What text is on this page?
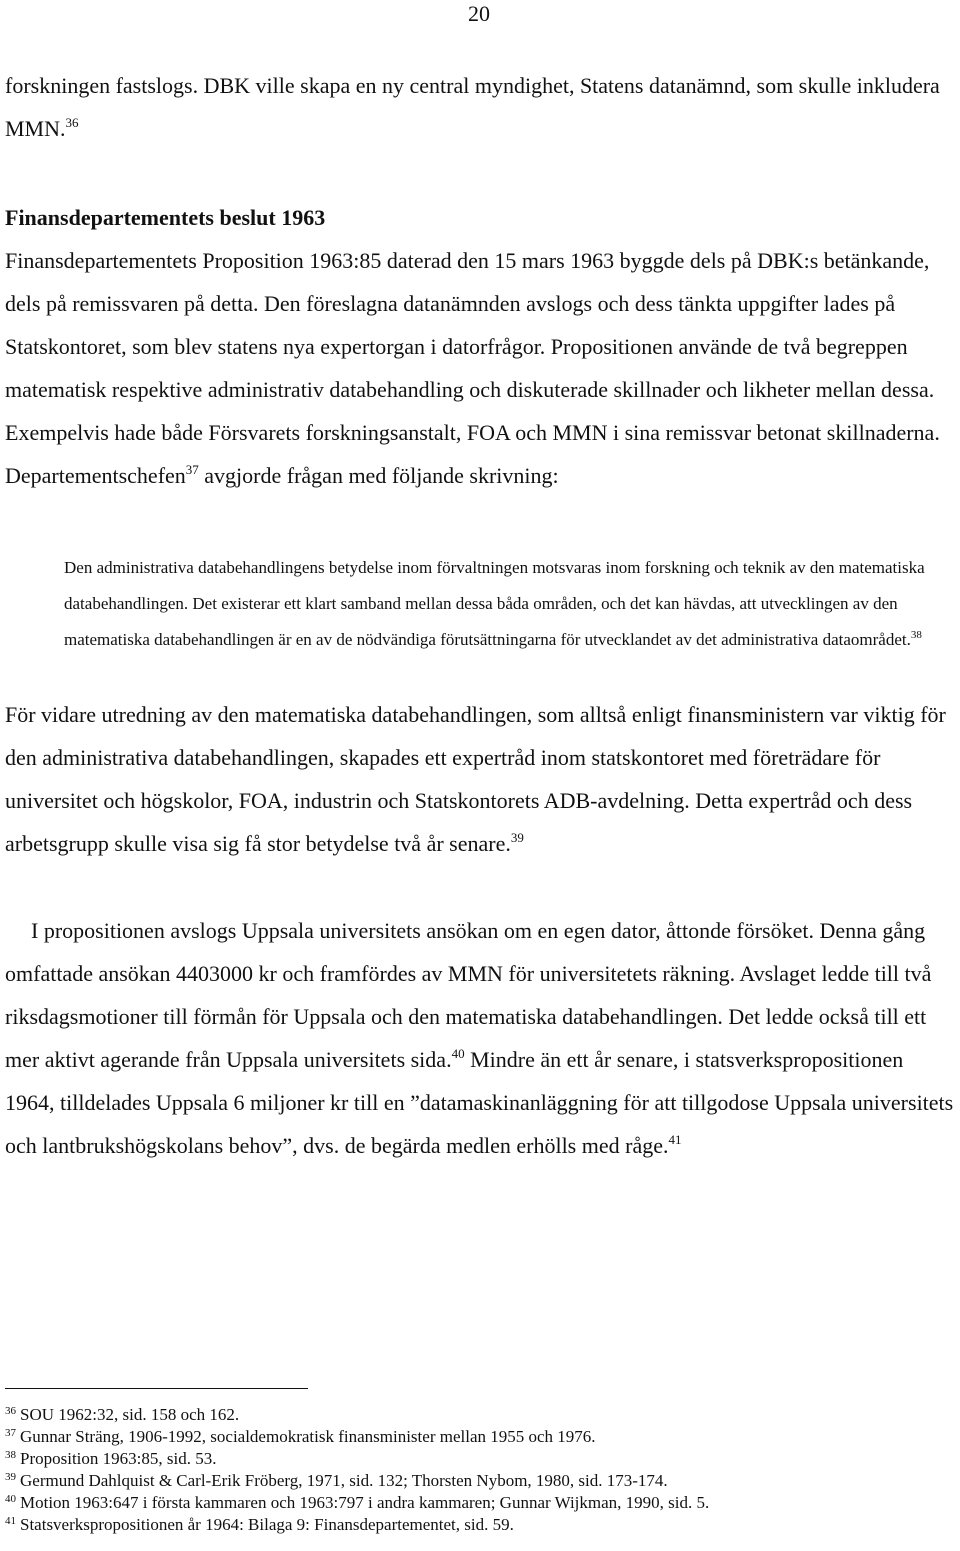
20

forskningen fastslogs. DBK ville skapa en ny central myndighet, Statens datanämnd, som skulle inkludera MMN.$^{36}$

Finansdepartementets beslut 1963

Finansdepartementets Proposition 1963:85 daterad den 15 mars 1963 byggde dels på DBK:s betänkande, dels på remissvaren på detta. Den föreslagna datanämnden avslogs och dess tänkta uppgifter lades på Statskontoret, som blev statens nya expertorgan i datorfrågor. Propositionen använde de två begreppen matematisk respektive administrativ databehandling och diskuterade skillnader och likheter mellan dessa. Exempelvis hade både Försvarets forskningsanstalt, FOA och MMN i sina remissvar betonat skillnaderna. Departementschefen$^{37}$ avgjorde frågan med följande skrivning:

Den administrativa databehandlingens betydelse inom förvaltningen motsvaras inom forskning och teknik av den matematiska databehandlingen. Det existerar ett klart samband mellan dessa båda områden, och det kan hävdas, att utvecklingen av den matematiska databehandlingen är en av de nödvändiga förutsättningarna för utvecklandet av det administrativa dataområdet.$^{38}$

För vidare utredning av den matematiska databehandlingen, som alltså enligt finansministern var viktig för den administrativa databehandlingen, skapades ett expertråd inom statskontoret med företrädare för universitet och högskolor, FOA, industrin och Statskontorets ADB-avdelning. Detta expertråd och dess arbetsgrupp skulle visa sig få stor betydelse två år senare.$^{39}$

I propositionen avslogs Uppsala universitets ansökan om en egen dator, åttonde försöket. Denna gång omfattade ansökan 4403000 kr och framfördes av MMN för universitetets räkning. Avslaget ledde till två riksdagsmotioner till förmån för Uppsala och den matematiska databehandlingen. Det ledde också till ett mer aktivt agerande från Uppsala universitets sida.$^{40}$ Mindre än ett år senare, i statsverkspropositionen 1964, tilldelades Uppsala 6 miljoner kr till en ”datamaskinanläggning för att tillgodose Uppsala universitets och lantbrukshögskolans behov”, dvs. de begärda medlen erhölls med råge.$^{41}$

$^{36}$ SOU 1962:32, sid. 158 och 162.
$^{37}$ Gunnar Sträng, 1906-1992, socialdemokratisk finansminister mellan 1955 och 1976.
$^{38}$ Proposition 1963:85, sid. 53.
$^{39}$ Germund Dahlquist & Carl-Erik Fröberg, 1971, sid. 132; Thorsten Nybom, 1980, sid. 173-174.
$^{40}$ Motion 1963:647 i första kammaren och 1963:797 i andra kammaren; Gunnar Wijkman, 1990, sid. 5.
$^{41}$ Statsverkspropositionen år 1964: Bilaga 9: Finansdepartementet, sid. 59.
